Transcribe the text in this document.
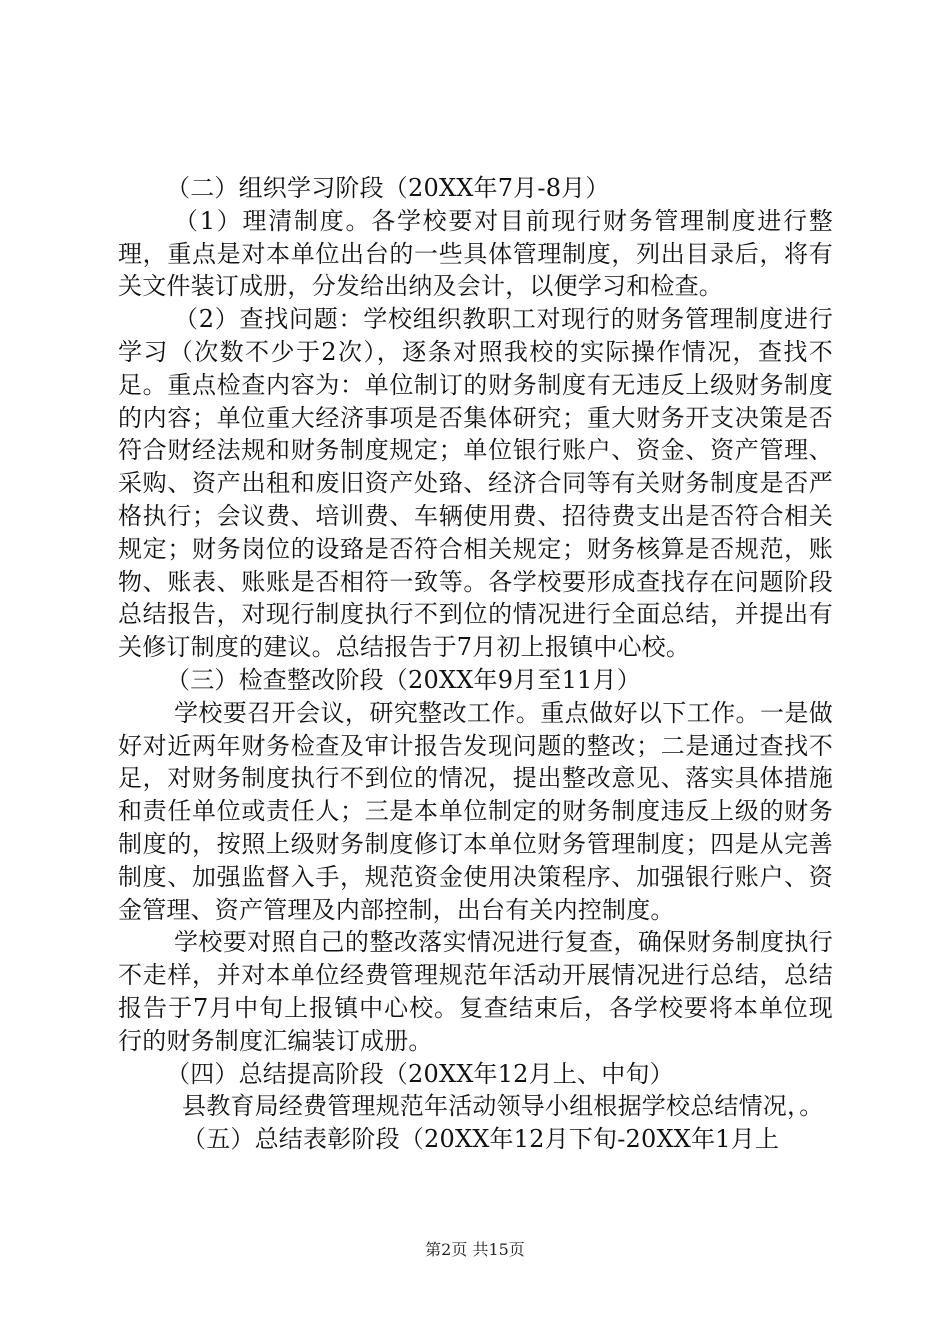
（二）组织学习阶段（20XX年7月-8月）

（1）理清制度。各学校要对目前现行财务管理制度进行整理，重点是对本单位出台的一些具体管理制度，列出目录后，将有关文件装订成册，分发给出纳及会计，以便学习和检查。

（2）查找问题：学校组织教职工对现行的财务管理制度进行学习（次数不少于2次），逐条对照我校的实际操作情况，查找不足。重点检查内容为：单位制订的财务制度有无违反上级财务制度的内容；单位重大经济事项是否集体研究；重大财务开支决策是否符合财经法规和财务制度规定；单位银行账户、资金、资产管理、采购、资产出租和废旧资产处臵、经济合同等有关财务制度是否严格执行；会议费、培训费、车辆使用费、招待费支出是否符合相关规定；财务岗位的设臵是否符合相关规定；财务核算是否规范，账物、账表、账账是否相符一致等。各学校要形成查找存在问题阶段总结报告，对现行制度执行不到位的情况进行全面总结，并提出有关修订制度的建议。总结报告于7月初上报镇中心校。

（三）检查整改阶段（20XX年9月至11月）

学校要召开会议，研究整改工作。重点做好以下工作。一是做好对近两年财务检查及审计报告发现问题的整改；二是通过查找不足，对财务制度执行不到位的情况，提出整改意见、落实具体措施和责任单位或责任人；三是本单位制定的财务制度违反上级的财务制度的，按照上级财务制度修订本单位财务管理制度；四是从完善制度、加强监督入手，规范资金使用决策程序、加强银行账户、资金管理、资产管理及内部控制，出台有关内控制度。

学校要对照自己的整改落实情况进行复查，确保财务制度执行不走样，并对本单位经费管理规范年活动开展情况进行总结，总结报告于7月中旬上报镇中心校。复查结束后，各学校要将本单位现行的财务制度汇编装订成册。

（四）总结提高阶段（20XX年12月上、中旬）

县教育局经费管理规范年活动领导小组根据学校总结情况，。

（五）总结表彰阶段（20XX年12月下旬-20XX年1月上

第2页 共15页
